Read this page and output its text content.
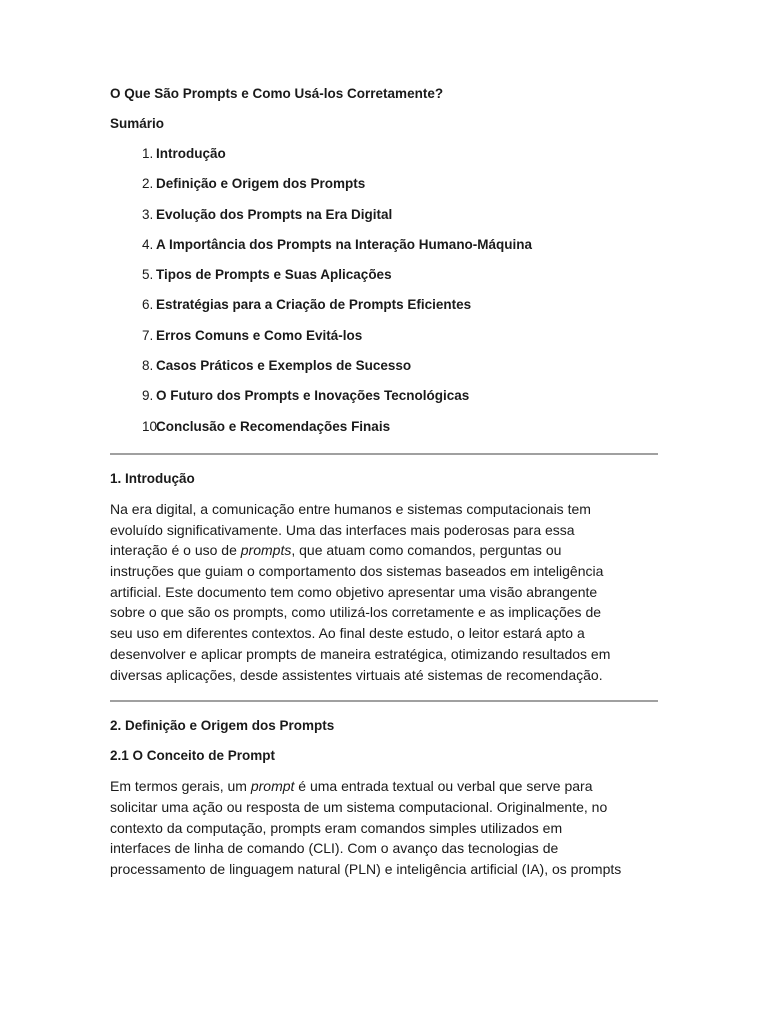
O Que São Prompts e Como Usá-los Corretamente?
Sumário
1. Introdução
2. Definição e Origem dos Prompts
3. Evolução dos Prompts na Era Digital
4. A Importância dos Prompts na Interação Humano-Máquina
5. Tipos de Prompts e Suas Aplicações
6. Estratégias para a Criação de Prompts Eficientes
7. Erros Comuns e Como Evitá-los
8. Casos Práticos e Exemplos de Sucesso
9. O Futuro dos Prompts e Inovações Tecnológicas
10.
Conclusão e Recomendações Finais
1. Introdução
Na era digital, a comunicação entre humanos e sistemas computacionais tem
evoluído significativamente. Uma das interfaces mais poderosas para essa
interação é o uso de prompts, que atuam como comandos, perguntas ou
instruções que guiam o comportamento dos sistemas baseados em inteligência
artificial. Este documento tem como objetivo apresentar uma visão abrangente
sobre o que são os prompts, como utilizá-los corretamente e as implicações de
seu uso em diferentes contextos. Ao final deste estudo, o leitor estará apto a
desenvolver e aplicar prompts de maneira estratégica, otimizando resultados em
diversas aplicações, desde assistentes virtuais até sistemas de recomendação.
2. Definição e Origem dos Prompts
2.1 O Conceito de Prompt
Em termos gerais, um prompt é uma entrada textual ou verbal que serve para
solicitar uma ação ou resposta de um sistema computacional. Originalmente, no
contexto da computação, prompts eram comandos simples utilizados em
interfaces de linha de comando (CLI). Com o avanço das tecnologias de
processamento de linguagem natural (PLN) e inteligência artificial (IA), os prompts
